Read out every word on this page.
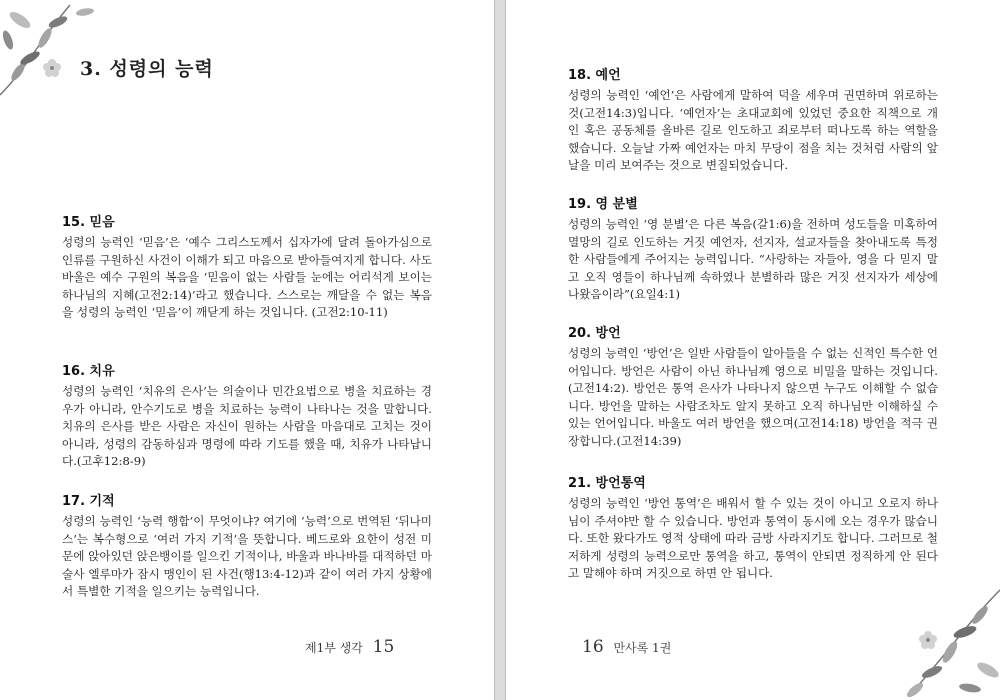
3. 성령의 능력
15. 믿음

성령의 능력인 ‘믿음’은 ‘예수 그리스도께서 십자가에 달려 돌아가심으로 인류를 구원하신 사건이 이해가 되고 마음으로 받아들여지게 합니다. 사도 바울은 예수 구원의 복음을 ‘믿음이 없는 사람들 눈에는 어리석게 보이는 하나님의 지혜(고전2:14)’라고 했습니다. 스스로는 깨달을 수 없는 복음을 성령의 능력인 ‘믿음’이 깨닫게 하는 것입니다. (고전2:10-11)

16. 치유

성령의 능력인 ‘치유의 은사’는 의술이나 민간요법으로 병을 치료하는 경우가 아니라, 안수기도로 병을 치료하는 능력이 나타나는 것을 말합니다. 치유의 은사를 받은 사람은 자신이 원하는 사람을 마음대로 고치는 것이 아니라, 성령의 감동하심과 명령에 따라 기도를 했을 때, 치유가 나타납니다.(고후12:8-9)

17. 기적

성령의 능력인 ‘능력 행함’이 무엇이냐? 여기에 ‘능력’으로 번역된 ‘뒤나미스’는 복수형으로 ‘여러 가지 기적’을 뜻합니다. 베드로와 요한이 성전 미문에 앉아있던 앉은뱅이를 일으킨 기적이나, 바울과 바나바를 대적하던 마술사 엘루마가 잠시 맹인이 된 사건(행13:4-12)과 같이 여러 가지 상황에서 특별한 기적을 일으키는 능력입니다.

제1부 생각 15
18. 예언

성령의 능력인 ‘예언’은 사람에게 말하여 덕을 세우며 권면하며 위로하는 것(고전14:3)입니다. ‘예언자’는 초대교회에 있었던 중요한 직책으로 개인 혹은 공동체를 올바른 길로 인도하고 죄로부터 떠나도록 하는 역할을 했습니다. 오늘날 가짜 예언자는 마치 무당이 점을 치는 것처럼 사람의 앞날을 미리 보여주는 것으로 변질되었습니다.

19. 영 분별

성령의 능력인 ‘영 분별’은 다른 복음(갈1:6)을 전하며 성도들을 미혹하여 멸망의 길로 인도하는 거짓 예언자, 선지자, 설교자들을 찾아내도록 특정한 사람들에게 주어지는 능력입니다. “사랑하는 자들아, 영을 다 믿지 말고 오직 영들이 하나님께 속하였나 분별하라 많은 거짓 선지자가 세상에 나왔음이라”(요일4:1)

20. 방언

성령의 능력인 ‘방언’은 일반 사람들이 알아들을 수 없는 신적인 특수한 언어입니다. 방언은 사람이 아닌 하나님께 영으로 비밀을 말하는 것입니다.(고전14:2). 방언은 통역 은사가 나타나지 않으면 누구도 이해할 수 없습니다. 방언을 말하는 사람조차도 알지 못하고 오직 하나님만 이해하실 수 있는 언어입니다. 바울도 여러 방언을 했으며(고전14:18) 방언을 적극 권장합니다.(고전14:39)

21. 방언통역

성령의 능력인 ‘방언 통역’은 배워서 할 수 있는 것이 아니고 오로지 하나님이 주셔야만 할 수 있습니다. 방언과 통역이 동시에 오는 경우가 많습니다. 또한 왔다가도 영적 상태에 따라 금방 사라지기도 합니다. 그러므로 철저하게 성령의 능력으로만 통역을 하고, 통역이 안되면 정직하게 안 된다고 말해야 하며 거짓으로 하면 안 됩니다.

16 만사록 1권
